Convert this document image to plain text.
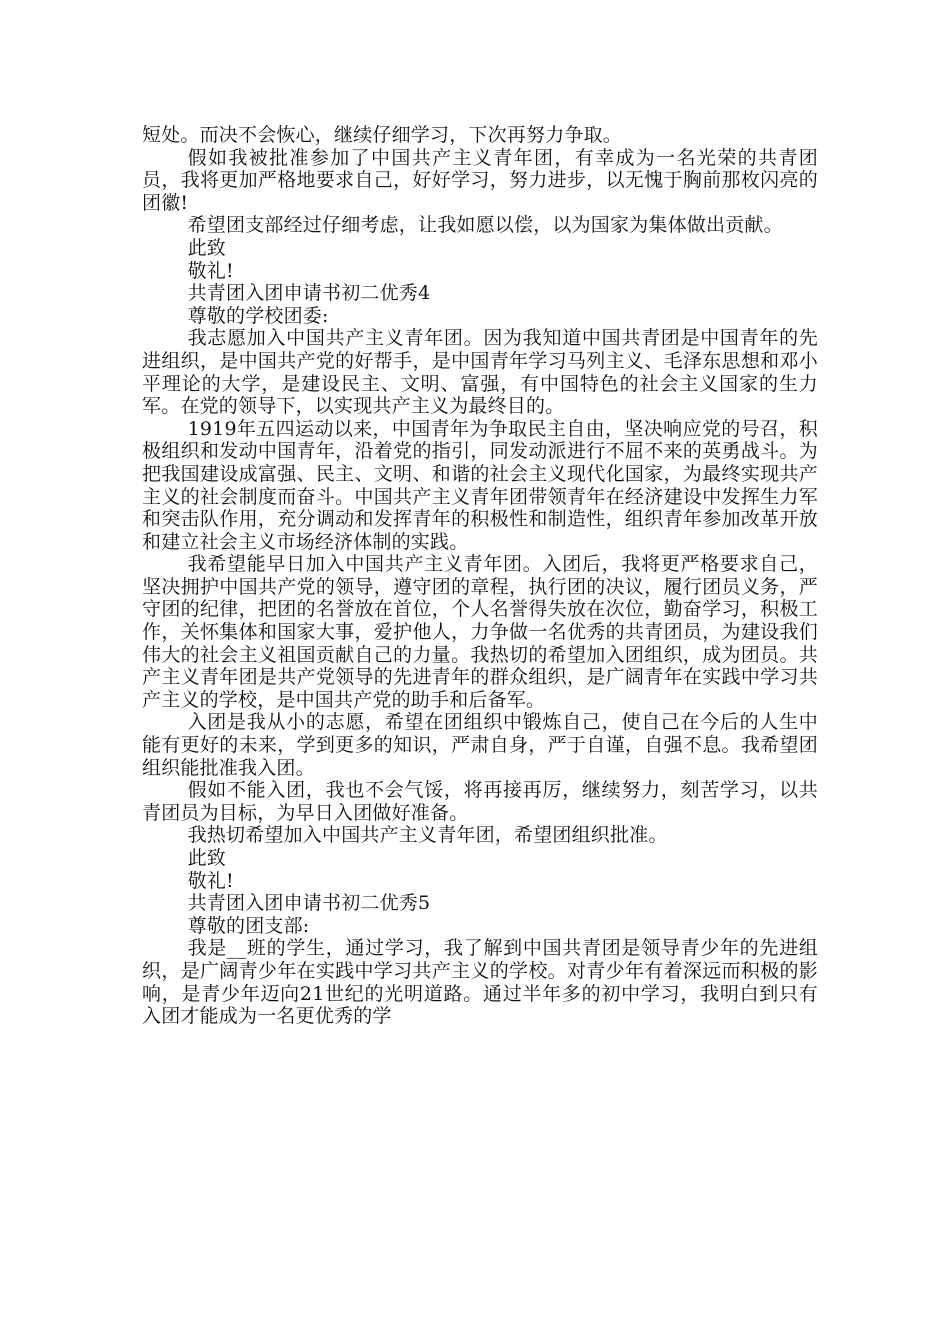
短处。而决不会恢心，继续仔细学习，下次再努力争取。

假如我被批准参加了中国共产主义青年团，有幸成为一名光荣的共青团员，我将更加严格地要求自己，好好学习，努力进步，以无愧于胸前那枚闪亮的团徽!

希望团支部经过仔细考虑，让我如愿以偿，以为国家为集体做出贡献。

此致

敬礼!

共青团入团申请书初二优秀4

尊敬的学校团委:

我志愿加入中国共产主义青年团。因为我知道中国共青团是中国青年的先进组织，是中国共产党的好帮手，是中国青年学习马列主义、毛泽东思想和邓小平理论的大学，是建设民主、文明、富强，有中国特色的社会主义国家的生力军。在党的领导下，以实现共产主义为最终目的。

1919年五四运动以来，中国青年为争取民主自由，坚决响应党的号召，积极组织和发动中国青年，沿着党的指引，同发动派进行不屈不来的英勇战斗。为把我国建设成富强、民主、文明、和谐的社会主义现代化国家，为最终实现共产主义的社会制度而奋斗。中国共产主义青年团带领青年在经济建设中发挥生力军和突击队作用，充分调动和发挥青年的积极性和制造性，组织青年参加改革开放和建立社会主义市场经济体制的实践。

我希望能早日加入中国共产主义青年团。入团后，我将更严格要求自己，坚决拥护中国共产党的领导，遵守团的章程，执行团的决议，履行团员义务，严守团的纪律，把团的名誉放在首位，个人名誉得失放在次位，勤奋学习，积极工作，关怀集体和国家大事，爱护他人，力争做一名优秀的共青团员，为建设我们伟大的社会主义祖国贡献自己的力量。我热切的希望加入团组织，成为团员。共产主义青年团是共产党领导的先进青年的群众组织，是广阔青年在实践中学习共产主义的学校，是中国共产党的助手和后备军。

入团是我从小的志愿，希望在团组织中锻炼自己，使自己在今后的人生中能有更好的未来，学到更多的知识，严肃自身，严于自谨，自强不息。我希望团组织能批准我入团。

假如不能入团，我也不会气馁，将再接再厉，继续努力，刻苦学习，以共青团员为目标，为早日入团做好准备。

我热切希望加入中国共产主义青年团，希望团组织批准。

此致

敬礼!

共青团入团申请书初二优秀5

尊敬的团支部:

我是__班的学生，通过学习，我了解到中国共青团是领导青少年的先进组织，是广阔青少年在实践中学习共产主义的学校。对青少年有着深远而积极的影响，是青少年迈向21世纪的光明道路。通过半年多的初中学习，我明白到只有入团才能成为一名更优秀的学
